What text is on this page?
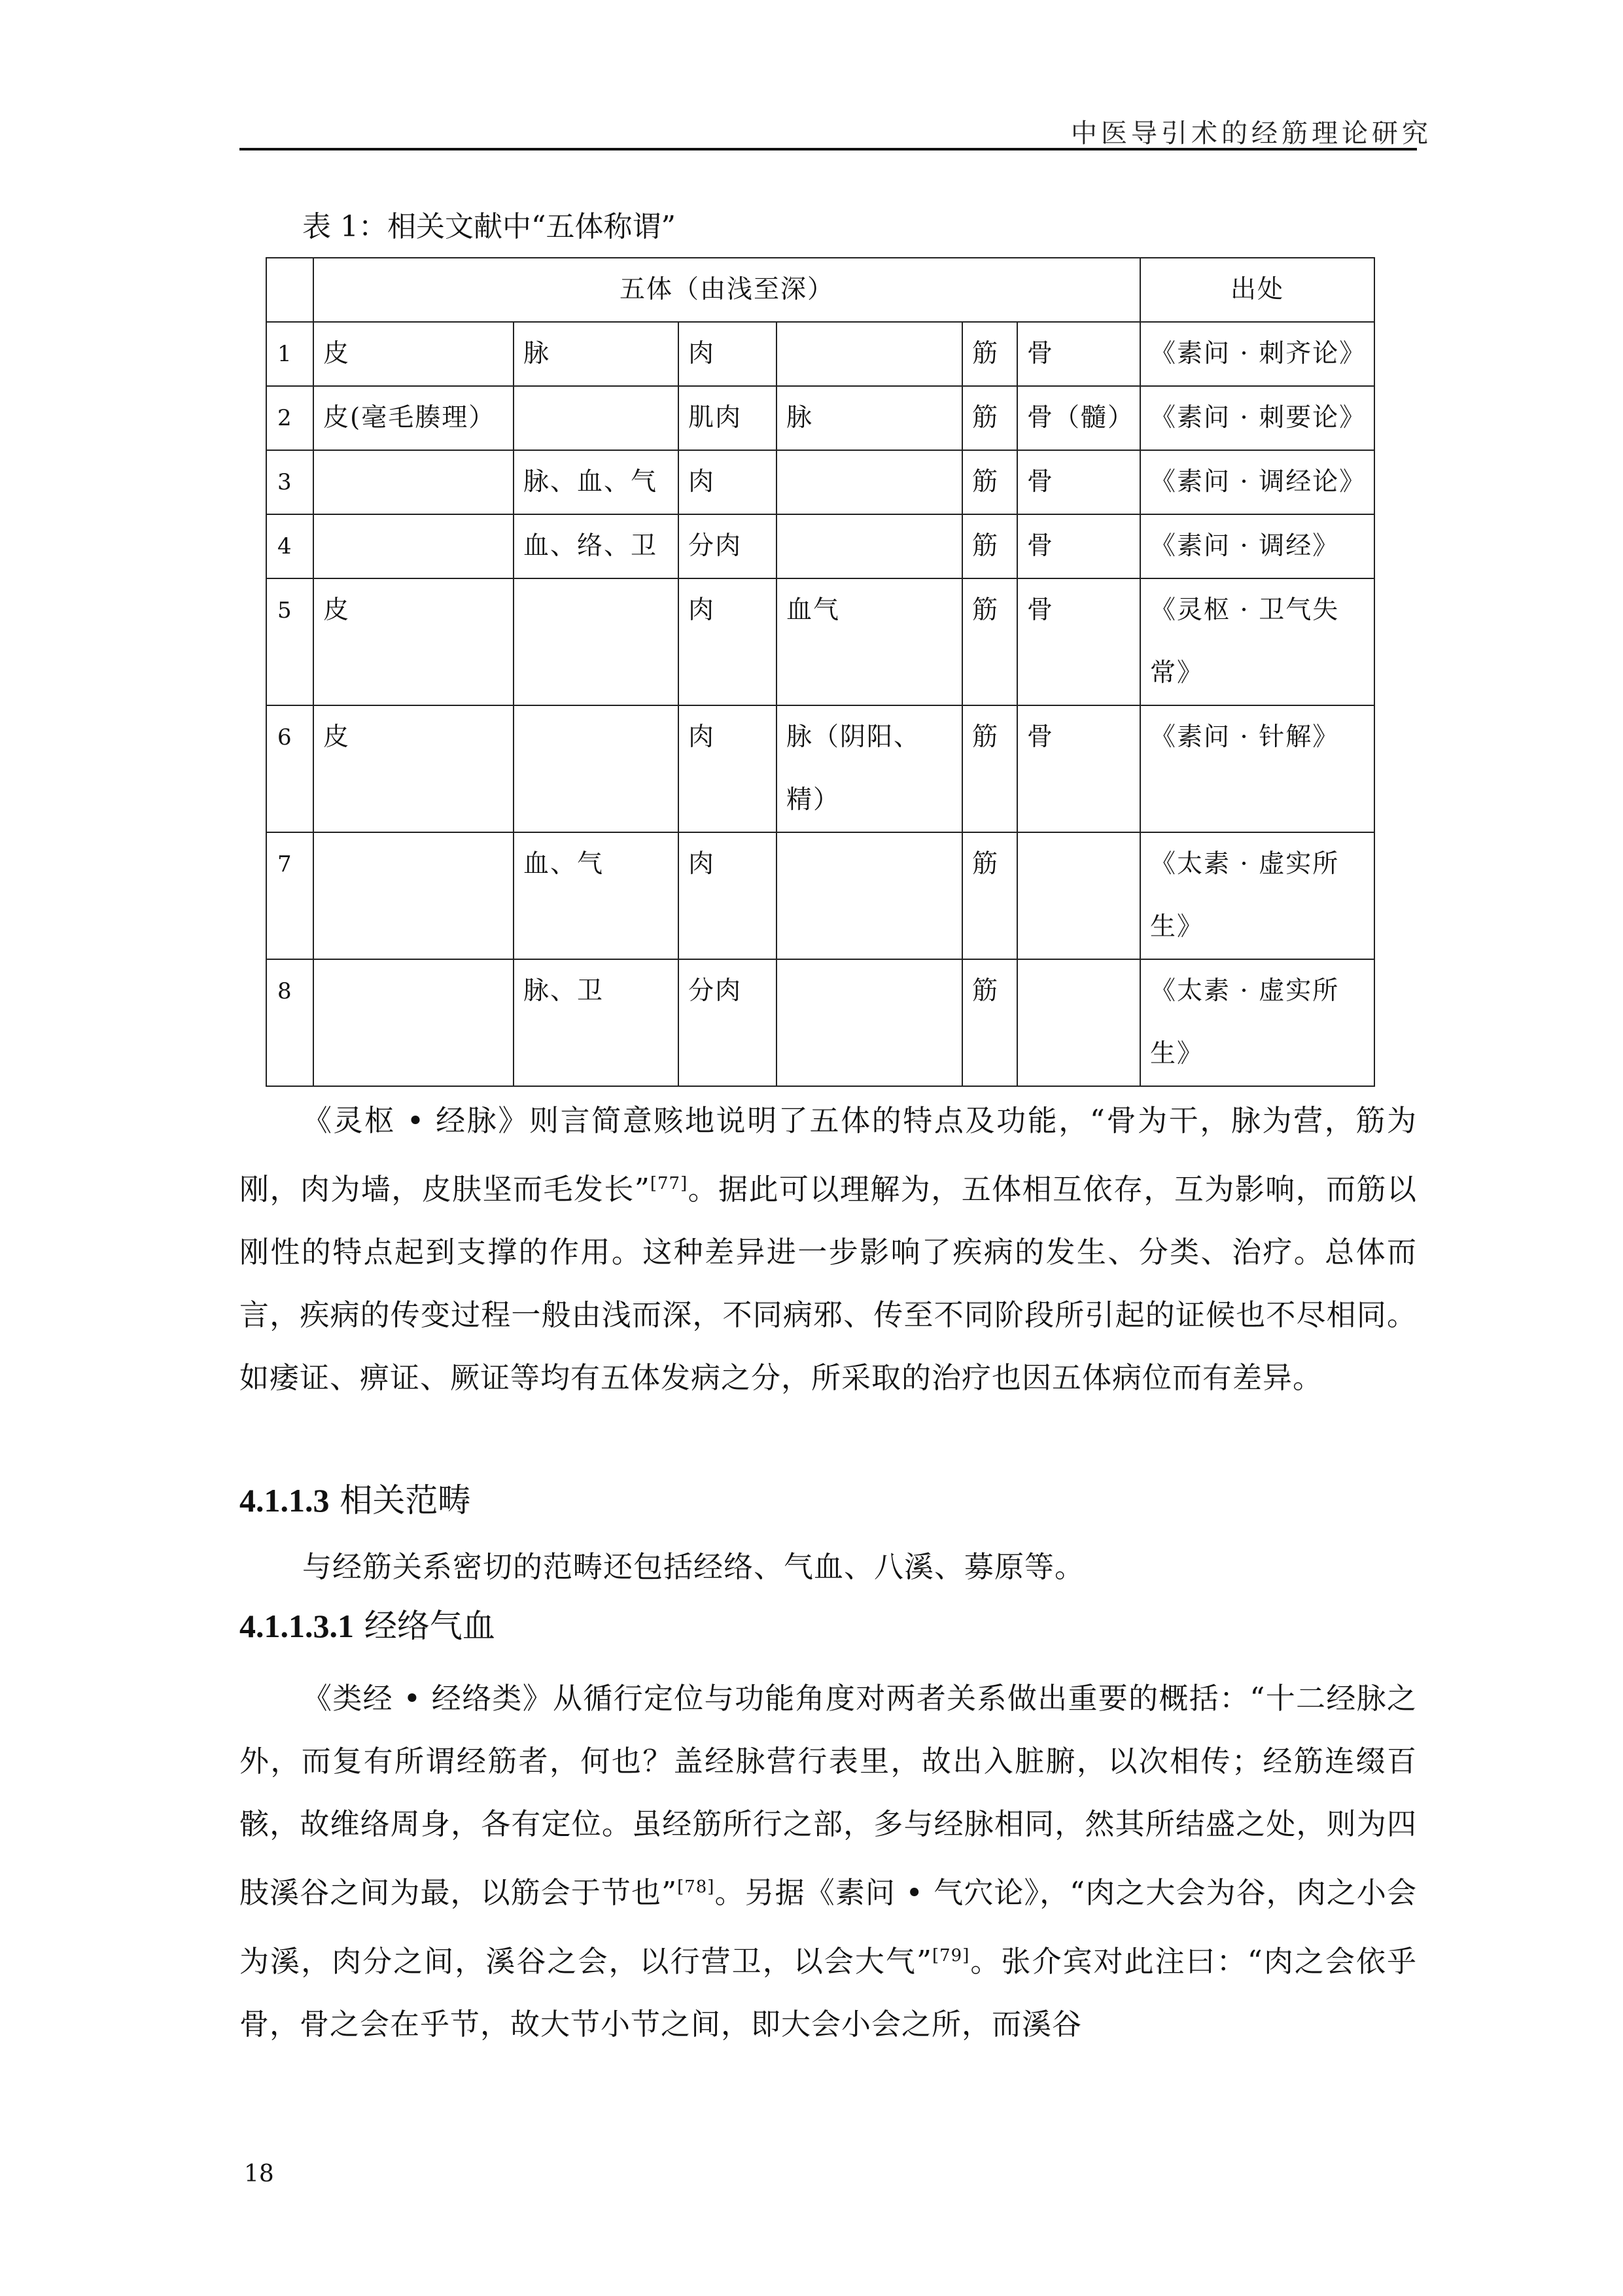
中医导引术的经筋理论研究
表 1：相关文献中“五体称谓”
	五体（由浅至深）						出处
1	皮	脉	肉		筋	骨	《素问 · 刺齐论》
2	皮(毫毛腠理）		肌肉	脉	筋	骨（髓）	《素问 · 刺要论》
3		脉、血、气	肉		筋	骨	《素问 · 调经论》
4		血、络、卫	分肉		筋	骨	《素问 · 调经》
5	皮		肉	血气	筋	骨	《灵枢 · 卫气失
常》

6	皮		肉	脉（阴阳、
精）	筋	骨	《素问 · 针解》
7		血、气	肉		筋		《太素 · 虚实所
生》

8		脉、卫	分肉		筋		《太素 · 虚实所
生》

《灵枢 • 经脉》则言简意赅地说明了五体的特点及功能，“骨为干，脉为营，筋为刚，肉为墙，皮肤坚而毛发长”[77]。据此可以理解为，五体相互依存，互为影响，而筋以刚性的特点起到支撑的作用。这种差异进一步影响了疾病的发生、分类、治疗。总体而言，疾病的传变过程一般由浅而深，不同病邪、传至不同阶段所引起的证候也不尽相同。如痿证、痹证、厥证等均有五体发病之分，所采取的治疗也因五体病位而有差异。

4.1.1.3 相关范畴

与经筋关系密切的范畴还包括经络、气血、八溪、募原等。

4.1.1.3.1 经络气血

《类经 • 经络类》从循行定位与功能角度对两者关系做出重要的概括：“十二经脉之外，而复有所谓经筋者，何也？盖经脉营行表里，故出入脏腑，以次相传；经筋连缀百骸，故维络周身，各有定位。虽经筋所行之部，多与经脉相同，然其所结盛之处，则为四肢溪谷之间为最，以筋会于节也”[78]。另据《素问 • 气穴论》，“肉之大会为谷，肉之小会为溪，肉分之间，溪谷之会，以行营卫，以会大气”[79]。张介宾对此注曰：“肉之会依乎骨，骨之会在乎节，故大节小节之间，即大会小会之所，而溪谷

18
